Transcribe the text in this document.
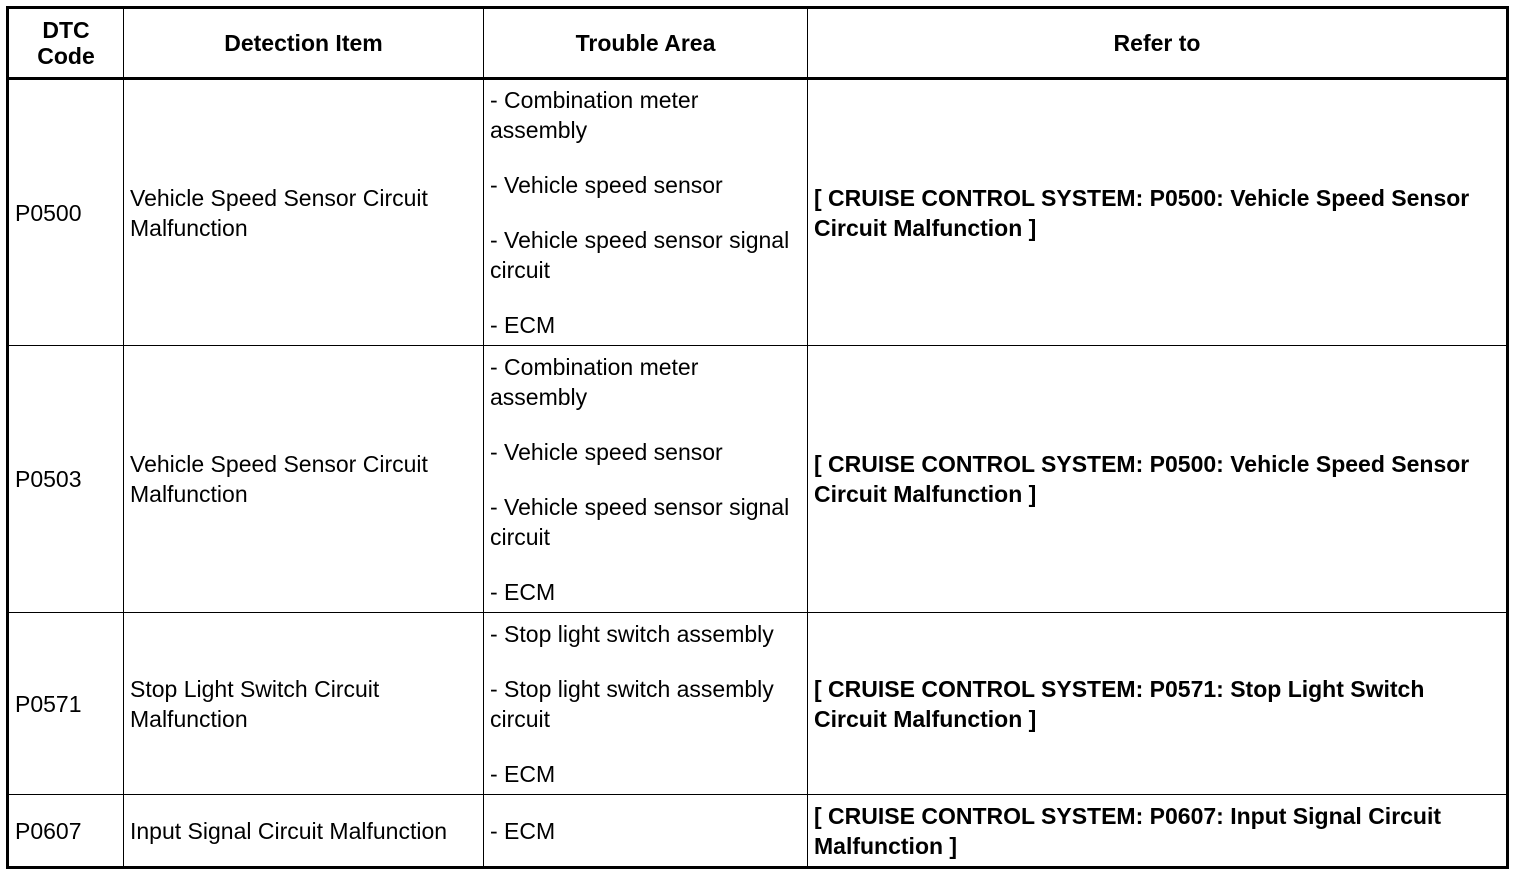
DTC
Code	Detection Item	Trouble Area	Refer to
P0500	Vehicle Speed Sensor Circuit Malfunction	- Combination meter assembly

- Vehicle speed sensor

- Vehicle speed sensor signal circuit

- ECM	[ CRUISE CONTROL SYSTEM: P0500: Vehicle Speed Sensor Circuit Malfunction ]
P0503	Vehicle Speed Sensor Circuit Malfunction	- Combination meter assembly

- Vehicle speed sensor

- Vehicle speed sensor signal circuit

- ECM	[ CRUISE CONTROL SYSTEM: P0500: Vehicle Speed Sensor Circuit Malfunction ]
P0571	Stop Light Switch Circuit Malfunction	- Stop light switch assembly

- Stop light switch assembly circuit

- ECM	[ CRUISE CONTROL SYSTEM: P0571: Stop Light Switch Circuit Malfunction ]
P0607	Input Signal Circuit Malfunction	- ECM	[ CRUISE CONTROL SYSTEM: P0607: Input Signal Circuit Malfunction ]
